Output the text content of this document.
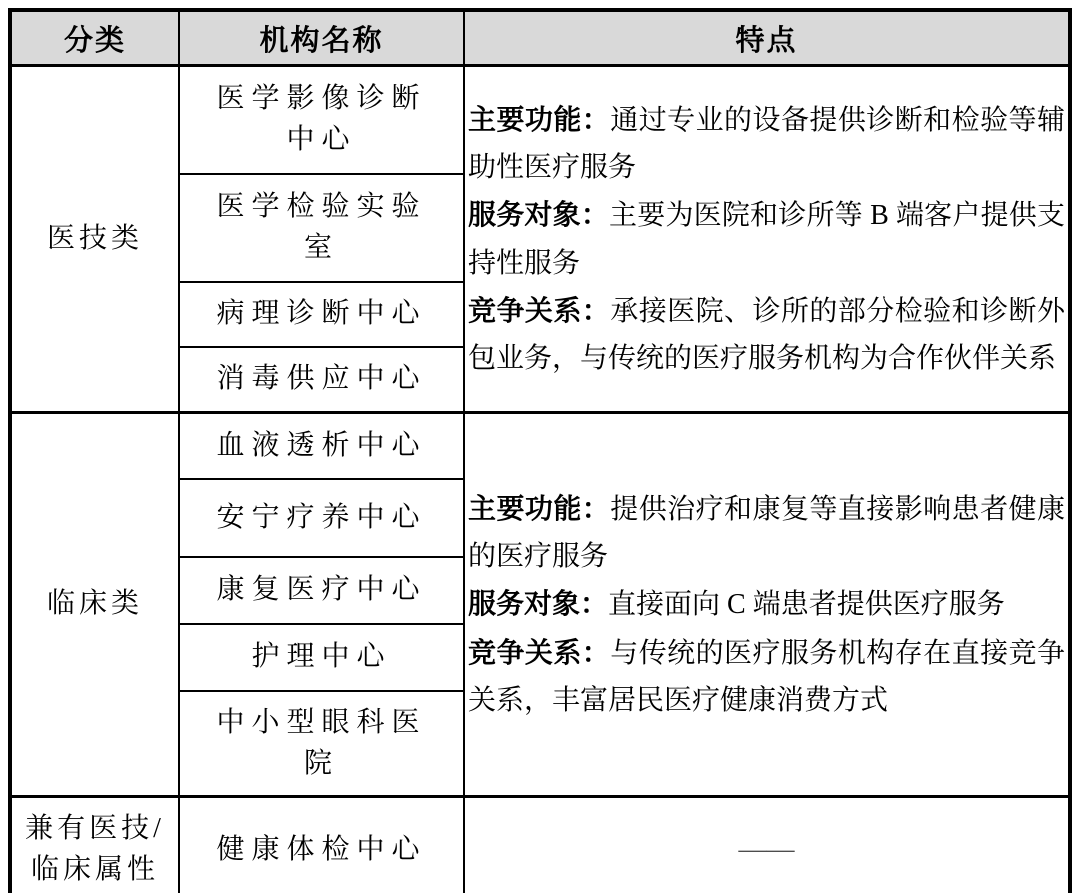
分类	机构名称	特点
医技类	医学影像诊断中心	主要功能：通过专业的设备提供诊断和检验等辅助性医疗服务

服务对象：主要为医院和诊所等 B 端客户提供支持性服务

竞争关系：承接医院、诊所的部分检验和诊断外包业务，与传统的医疗服务机构为合作伙伴关系

	医学检验实验室	
	病理诊断中心	
	消毒供应中心	
临床类	血液透析中心	主要功能：提供治疗和康复等直接影响患者健康的医疗服务

服务对象：直接面向 C 端患者提供医疗服务

竞争关系：与传统的医疗服务机构存在直接竞争关系，丰富居民医疗健康消费方式

	安宁疗养中心	
	康复医疗中心	
	护理中心	
	中小型眼科医院	
兼有医技/临床属性	健康体检中心	——
